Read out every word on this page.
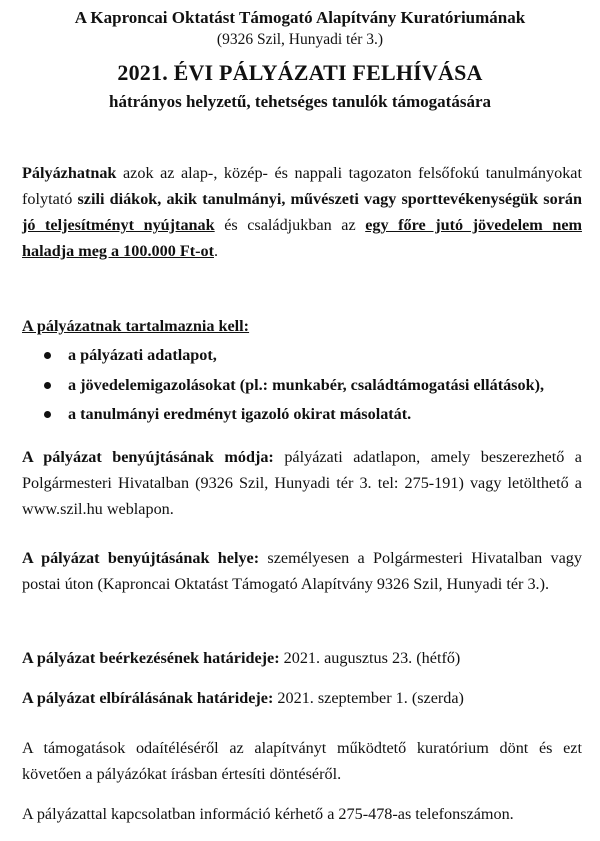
A Kaproncai Oktatást Támogató Alapítvány Kuratóriumának
(9326 Szil, Hunyadi tér 3.)
2021. ÉVI PÁLYÁZATI FELHÍVÁSA
hátrányos helyzetű, tehetséges tanulók támogatására
Pályázhatnak azok az alap-, közép- és nappali tagozaton felsőfokú tanulmányokat folytató szili diákok, akik tanulmányi, művészeti vagy sporttevékenységük során jó teljesítményt nyújtanak és családjukban az egy főre jutó jövedelem nem haladja meg a 100.000 Ft-ot.
A pályázatnak tartalmaznia kell:
a pályázati adatlapot,
a jövedelemigazolásokat (pl.: munkabér, családtámogatási ellátások),
a tanulmányi eredményt igazoló okirat másolatát.
A pályázat benyújtásának módja: pályázati adatlapon, amely beszerezhető a Polgármesteri Hivatalban (9326 Szil, Hunyadi tér 3. tel: 275-191) vagy letölthető a www.szil.hu weblapon.
A pályázat benyújtásának helye: személyesen a Polgármesteri Hivatalban vagy postai úton (Kaproncai Oktatást Támogató Alapítvány 9326 Szil, Hunyadi tér 3.).
A pályázat beérkezésének határideje: 2021. augusztus 23. (hétfő)
A pályázat elbírálásának határideje: 2021. szeptember 1. (szerda)
A támogatások odaítéléséről az alapítványt működtető kuratórium dönt és ezt követően a pályázókat írásban értesíti döntéséről.
A pályázattal kapcsolatban információ kérhető a 275-478-as telefonszámon.
